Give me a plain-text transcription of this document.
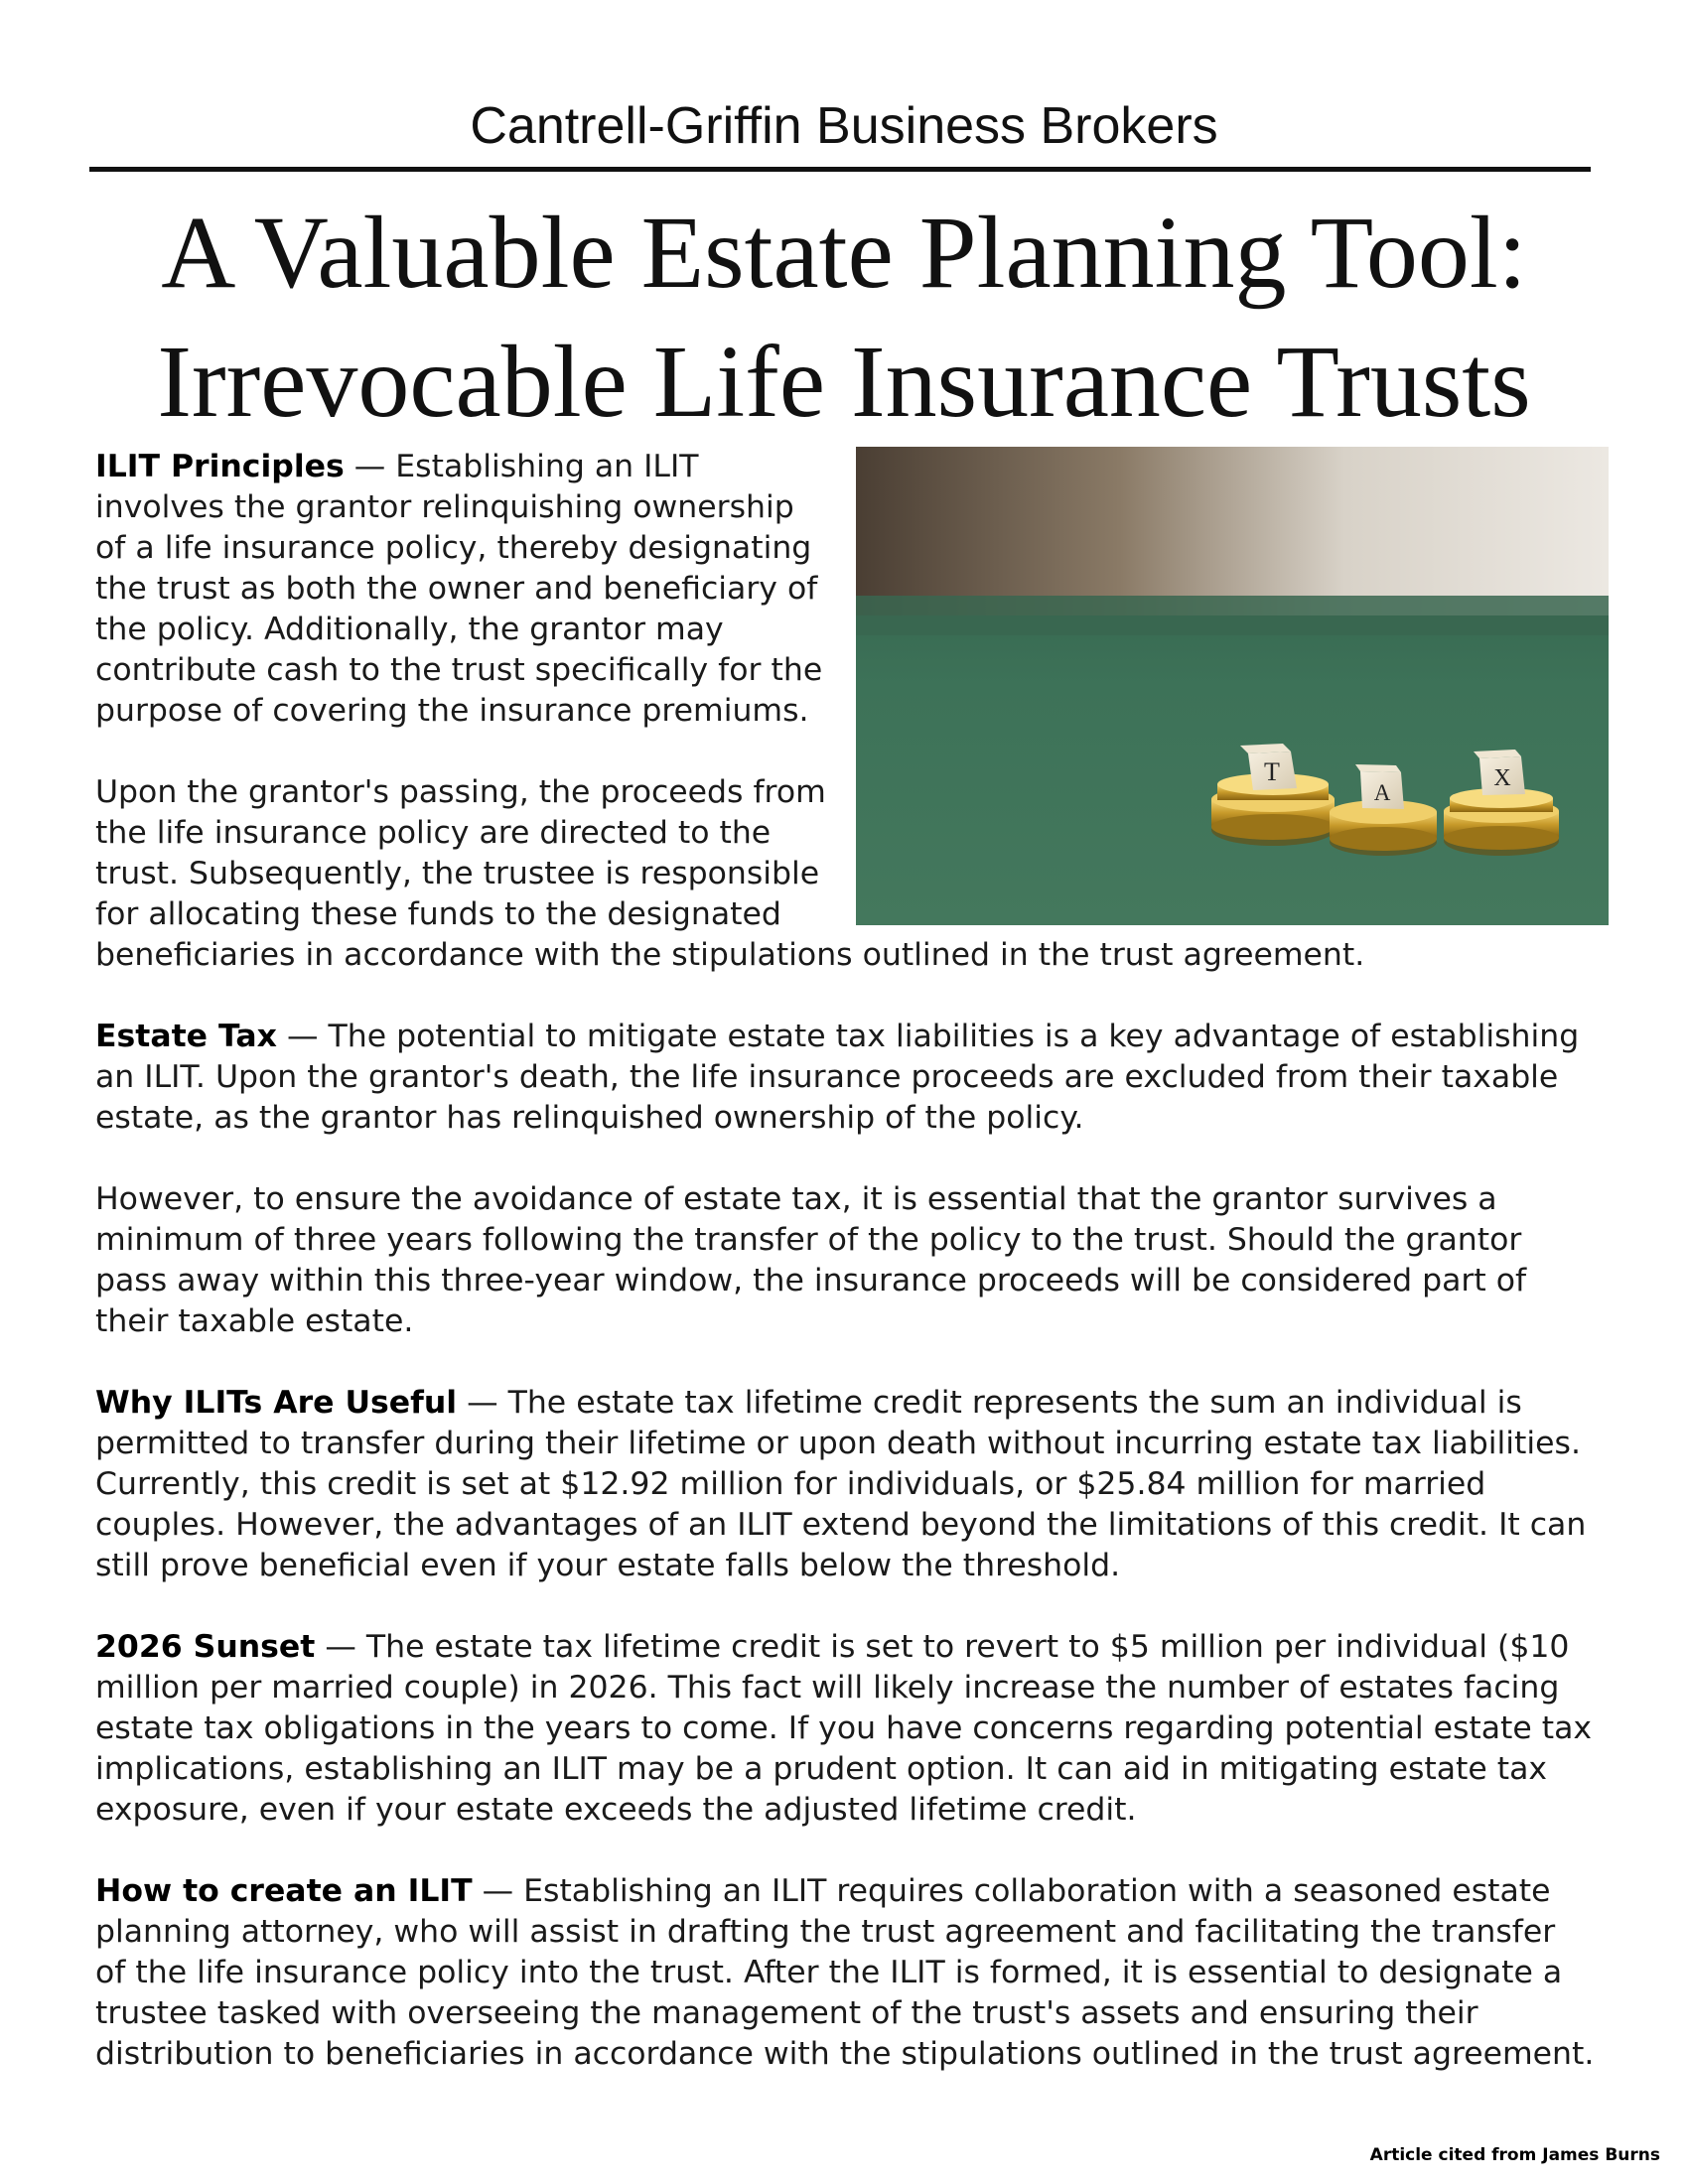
Cantrell-Griffin Business Brokers
A Valuable Estate Planning Tool:
Irrevocable Life Insurance Trusts
T
A
X

ILIT Principles — Establishing an ILIT involves the grantor relinquishing ownership of a life insurance policy, thereby designating the trust as both the owner and beneficiary of the policy. Additionally, the grantor may contribute cash to the trust specifically for the purpose of covering the insurance premiums.

Upon the grantor's passing, the proceeds from the life insurance policy are directed to the trust. Subsequently, the trustee is responsible for allocating these funds to the designated beneficiaries in accordance with the stipulations outlined in the trust agreement.

Estate Tax — The potential to mitigate estate tax liabilities is a key advantage of establishing an ILIT. Upon the grantor's death, the life insurance proceeds are excluded from their taxable estate, as the grantor has relinquished ownership of the policy.

However, to ensure the avoidance of estate tax, it is essential that the grantor survives a minimum of three years following the transfer of the policy to the trust. Should the grantor pass away within this three-year window, the insurance proceeds will be considered part of their taxable estate.

Why ILITs Are Useful — The estate tax lifetime credit represents the sum an individual is permitted to transfer during their lifetime or upon death without incurring estate tax liabilities. Currently, this credit is set at $12.92 million for individuals, or $25.84 million for married couples. However, the advantages of an ILIT extend beyond the limitations of this credit. It can still prove beneficial even if your estate falls below the threshold.

2026 Sunset — The estate tax lifetime credit is set to revert to $5 million per individual ($10 million per married couple) in 2026. This fact will likely increase the number of estates facing estate tax obligations in the years to come. If you have concerns regarding potential estate tax implications, establishing an ILIT may be a prudent option. It can aid in mitigating estate tax exposure, even if your estate exceeds the adjusted lifetime credit.

How to create an ILIT — Establishing an ILIT requires collaboration with a seasoned estate planning attorney, who will assist in drafting the trust agreement and facilitating the transfer of the life insurance policy into the trust. After the ILIT is formed, it is essential to designate a trustee tasked with overseeing the management of the trust's assets and ensuring their distribution to beneficiaries in accordance with the stipulations outlined in the trust agreement.

Article cited from James Burns
